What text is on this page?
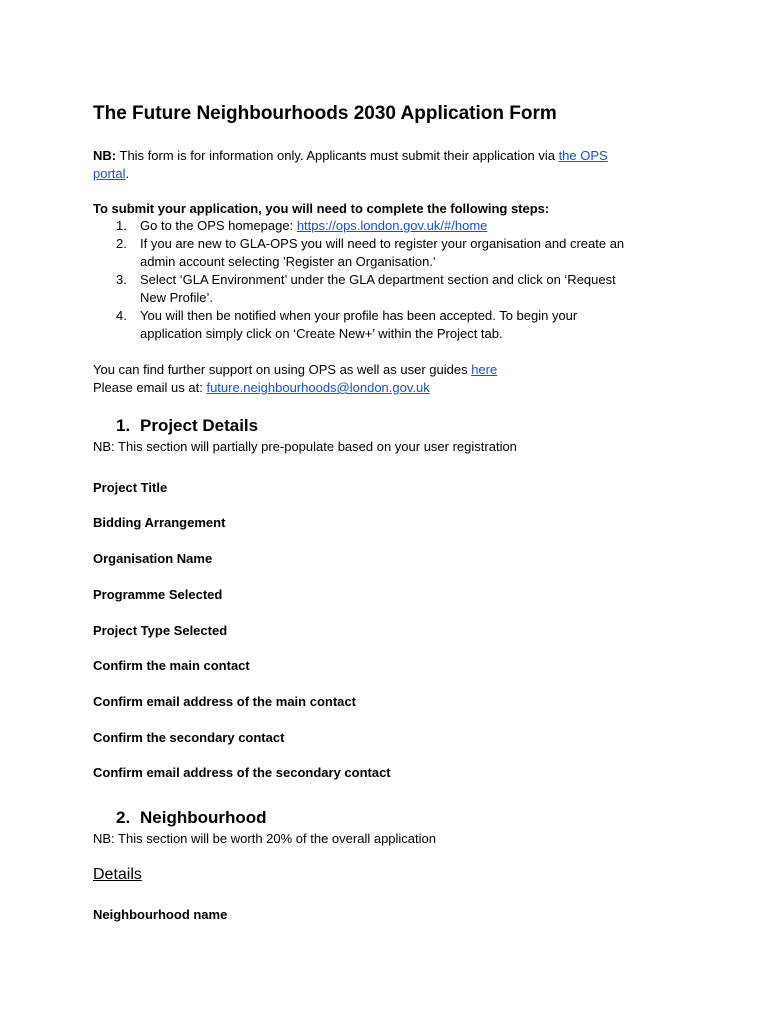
The Future Neighbourhoods 2030 Application Form
NB: This form is for information only. Applicants must submit their application via the OPS
portal.
To submit your application, you will need to complete the following steps:
1. Go to the OPS homepage: https://ops.london.gov.uk/#/home
2. If you are new to GLA-OPS you will need to register your organisation and create an
admin account selecting 'Register an Organisation.'
3. Select ‘GLA Environment’ under the GLA department section and click on ‘Request
New Profile’.
4. You will then be notified when your profile has been accepted. To begin your
application simply click on ‘Create New+’ within the Project tab.
You can find further support on using OPS as well as user guides here
Please email us at: future.neighbourhoods@london.gov.uk
1. Project Details
NB: This section will partially pre-populate based on your user registration
Project Title
Bidding Arrangement
Organisation Name
Programme Selected
Project Type Selected
Confirm the main contact
Confirm email address of the main contact
Confirm the secondary contact
Confirm email address of the secondary contact
2. Neighbourhood
NB: This section will be worth 20% of the overall application
Details
Neighbourhood name
